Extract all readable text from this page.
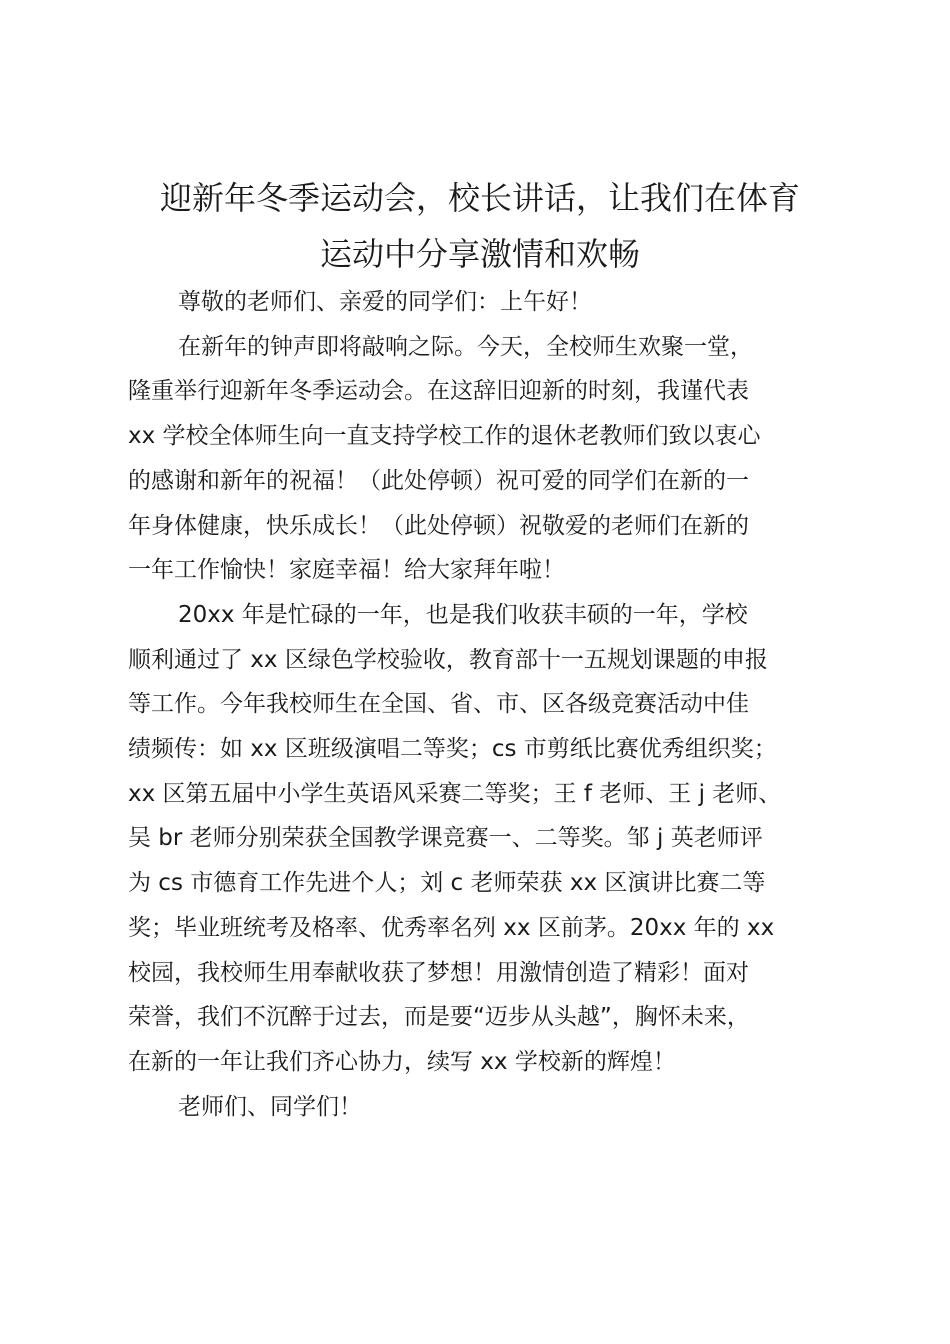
迎新年冬季运动会，校长讲话，让我们在体育
运动中分享激情和欢畅

尊敬的老师们、亲爱的同学们：上午好！

在新年的钟声即将敲响之际。今天，全校师生欢聚一堂，
隆重举行迎新年冬季运动会。在这辞旧迎新的时刻，我谨代表
xx 学校全体师生向一直支持学校工作的退休老教师们致以衷心
的感谢和新年的祝福！（此处停顿）祝可爱的同学们在新的一
年身体健康，快乐成长！（此处停顿）祝敬爱的老师们在新的
一年工作愉快！家庭幸福！给大家拜年啦！

20xx 年是忙碌的一年，也是我们收获丰硕的一年，学校
顺利通过了 xx 区绿色学校验收，教育部十一五规划课题的申报
等工作。今年我校师生在全国、省、市、区各级竞赛活动中佳
绩频传：如 xx 区班级演唱二等奖；cs 市剪纸比赛优秀组织奖；
xx 区第五届中小学生英语风采赛二等奖；王 f 老师、王 j 老师、
吴 br 老师分别荣获全国教学课竞赛一、二等奖。邹 j 英老师评
为 cs 市德育工作先进个人；刘 c 老师荣获 xx 区演讲比赛二等
奖；毕业班统考及格率、优秀率名列 xx 区前茅。20xx 年的 xx
校园，我校师生用奉献收获了梦想！用激情创造了精彩！面对
荣誉，我们不沉醉于过去，而是要“迈步从头越”，胸怀未来，
在新的一年让我们齐心协力，续写 xx 学校新的辉煌！

老师们、同学们！
